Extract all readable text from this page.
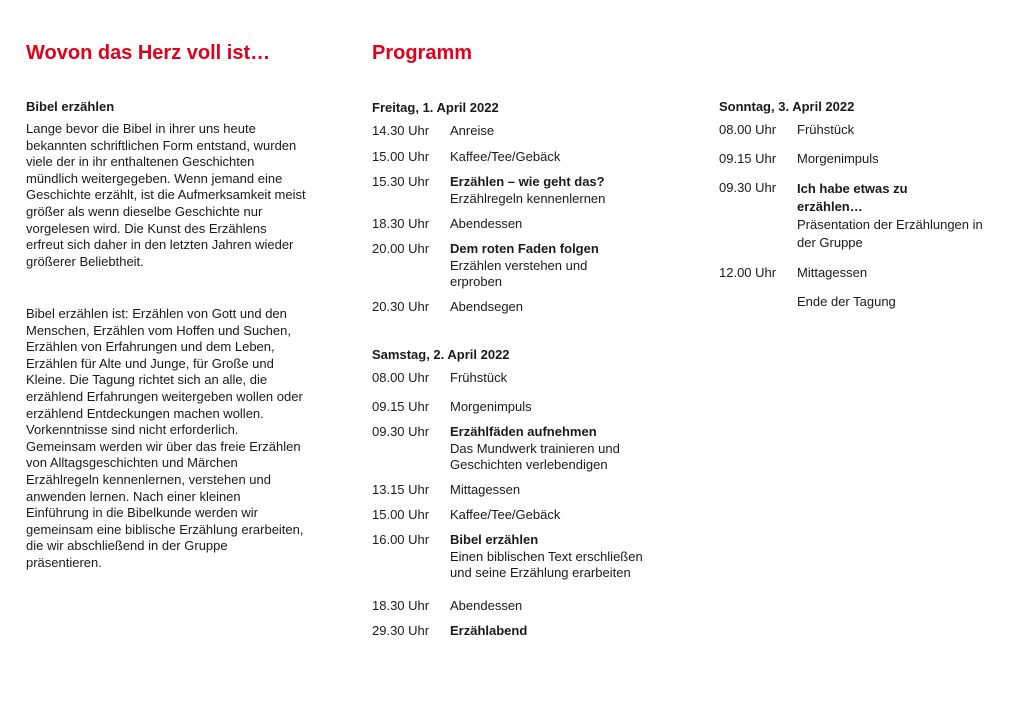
Wovon das Herz voll ist…
Bibel erzählen

Lange bevor die Bibel in ihrer uns heute bekannten schriftlichen Form entstand, wurden viele der in ihr enthaltenen Geschichten mündlich weitergegeben. Wenn jemand eine Geschichte erzählt, ist die Aufmerksamkeit meist größer als wenn dieselbe Geschichte nur vorgelesen wird. Die Kunst des Erzählens erfreut sich daher in den letzten Jahren wieder größerer Beliebtheit.

Bibel erzählen ist: Erzählen von Gott und den Menschen, Erzählen vom Hoffen und Suchen, Erzählen von Erfahrungen und dem Leben, Erzählen für Alte und Junge, für Große und Kleine. Die Tagung richtet sich an alle, die erzählend Erfahrungen weitergeben wollen oder erzählend Entdeckungen machen wollen. Vorkenntnisse sind nicht erforderlich. Gemeinsam werden wir über das freie Erzählen von Alltagsgeschichten und Märchen Erzählregeln kennenlernen, verstehen und anwenden lernen. Nach einer kleinen Einführung in die Bibelkunde werden wir gemeinsam eine biblische Erzählung erarbeiten, die wir abschließend in der Gruppe präsentieren.

Programm
Freitag, 1. April 2022
14.30 Uhr	Anreise
15.00 Uhr	Kaffee/Tee/Gebäck
15.30 Uhr	Erzählen – wie geht das?
Erzählregeln kennenlernen
18.30 Uhr	Abendessen
20.00 Uhr	Dem roten Faden folgen
Erzählen verstehen und erproben
20.30 Uhr	Abendsegen
Samstag, 2. April 2022
08.00 Uhr	Frühstück
09.15 Uhr	Morgenimpuls
09.30 Uhr	Erzählfäden aufnehmen
Das Mundwerk trainieren und Geschichten verlebendigen
13.15 Uhr	Mittagessen
15.00 Uhr	Kaffee/Tee/Gebäck
16.00 Uhr	Bibel erzählen
Einen biblischen Text erschließen und seine Erzählung erarbeiten
18.30 Uhr	Abendessen
29.30 Uhr	Erzählabend
Sonntag, 3. April 2022
08.00 Uhr	Frühstück
09.15 Uhr	Morgenimpuls
09.30 Uhr	Ich habe etwas zu erzählen…
Präsentation der Erzählungen in der Gruppe
12.00 Uhr	Mittagessen
Ende der Tagung
